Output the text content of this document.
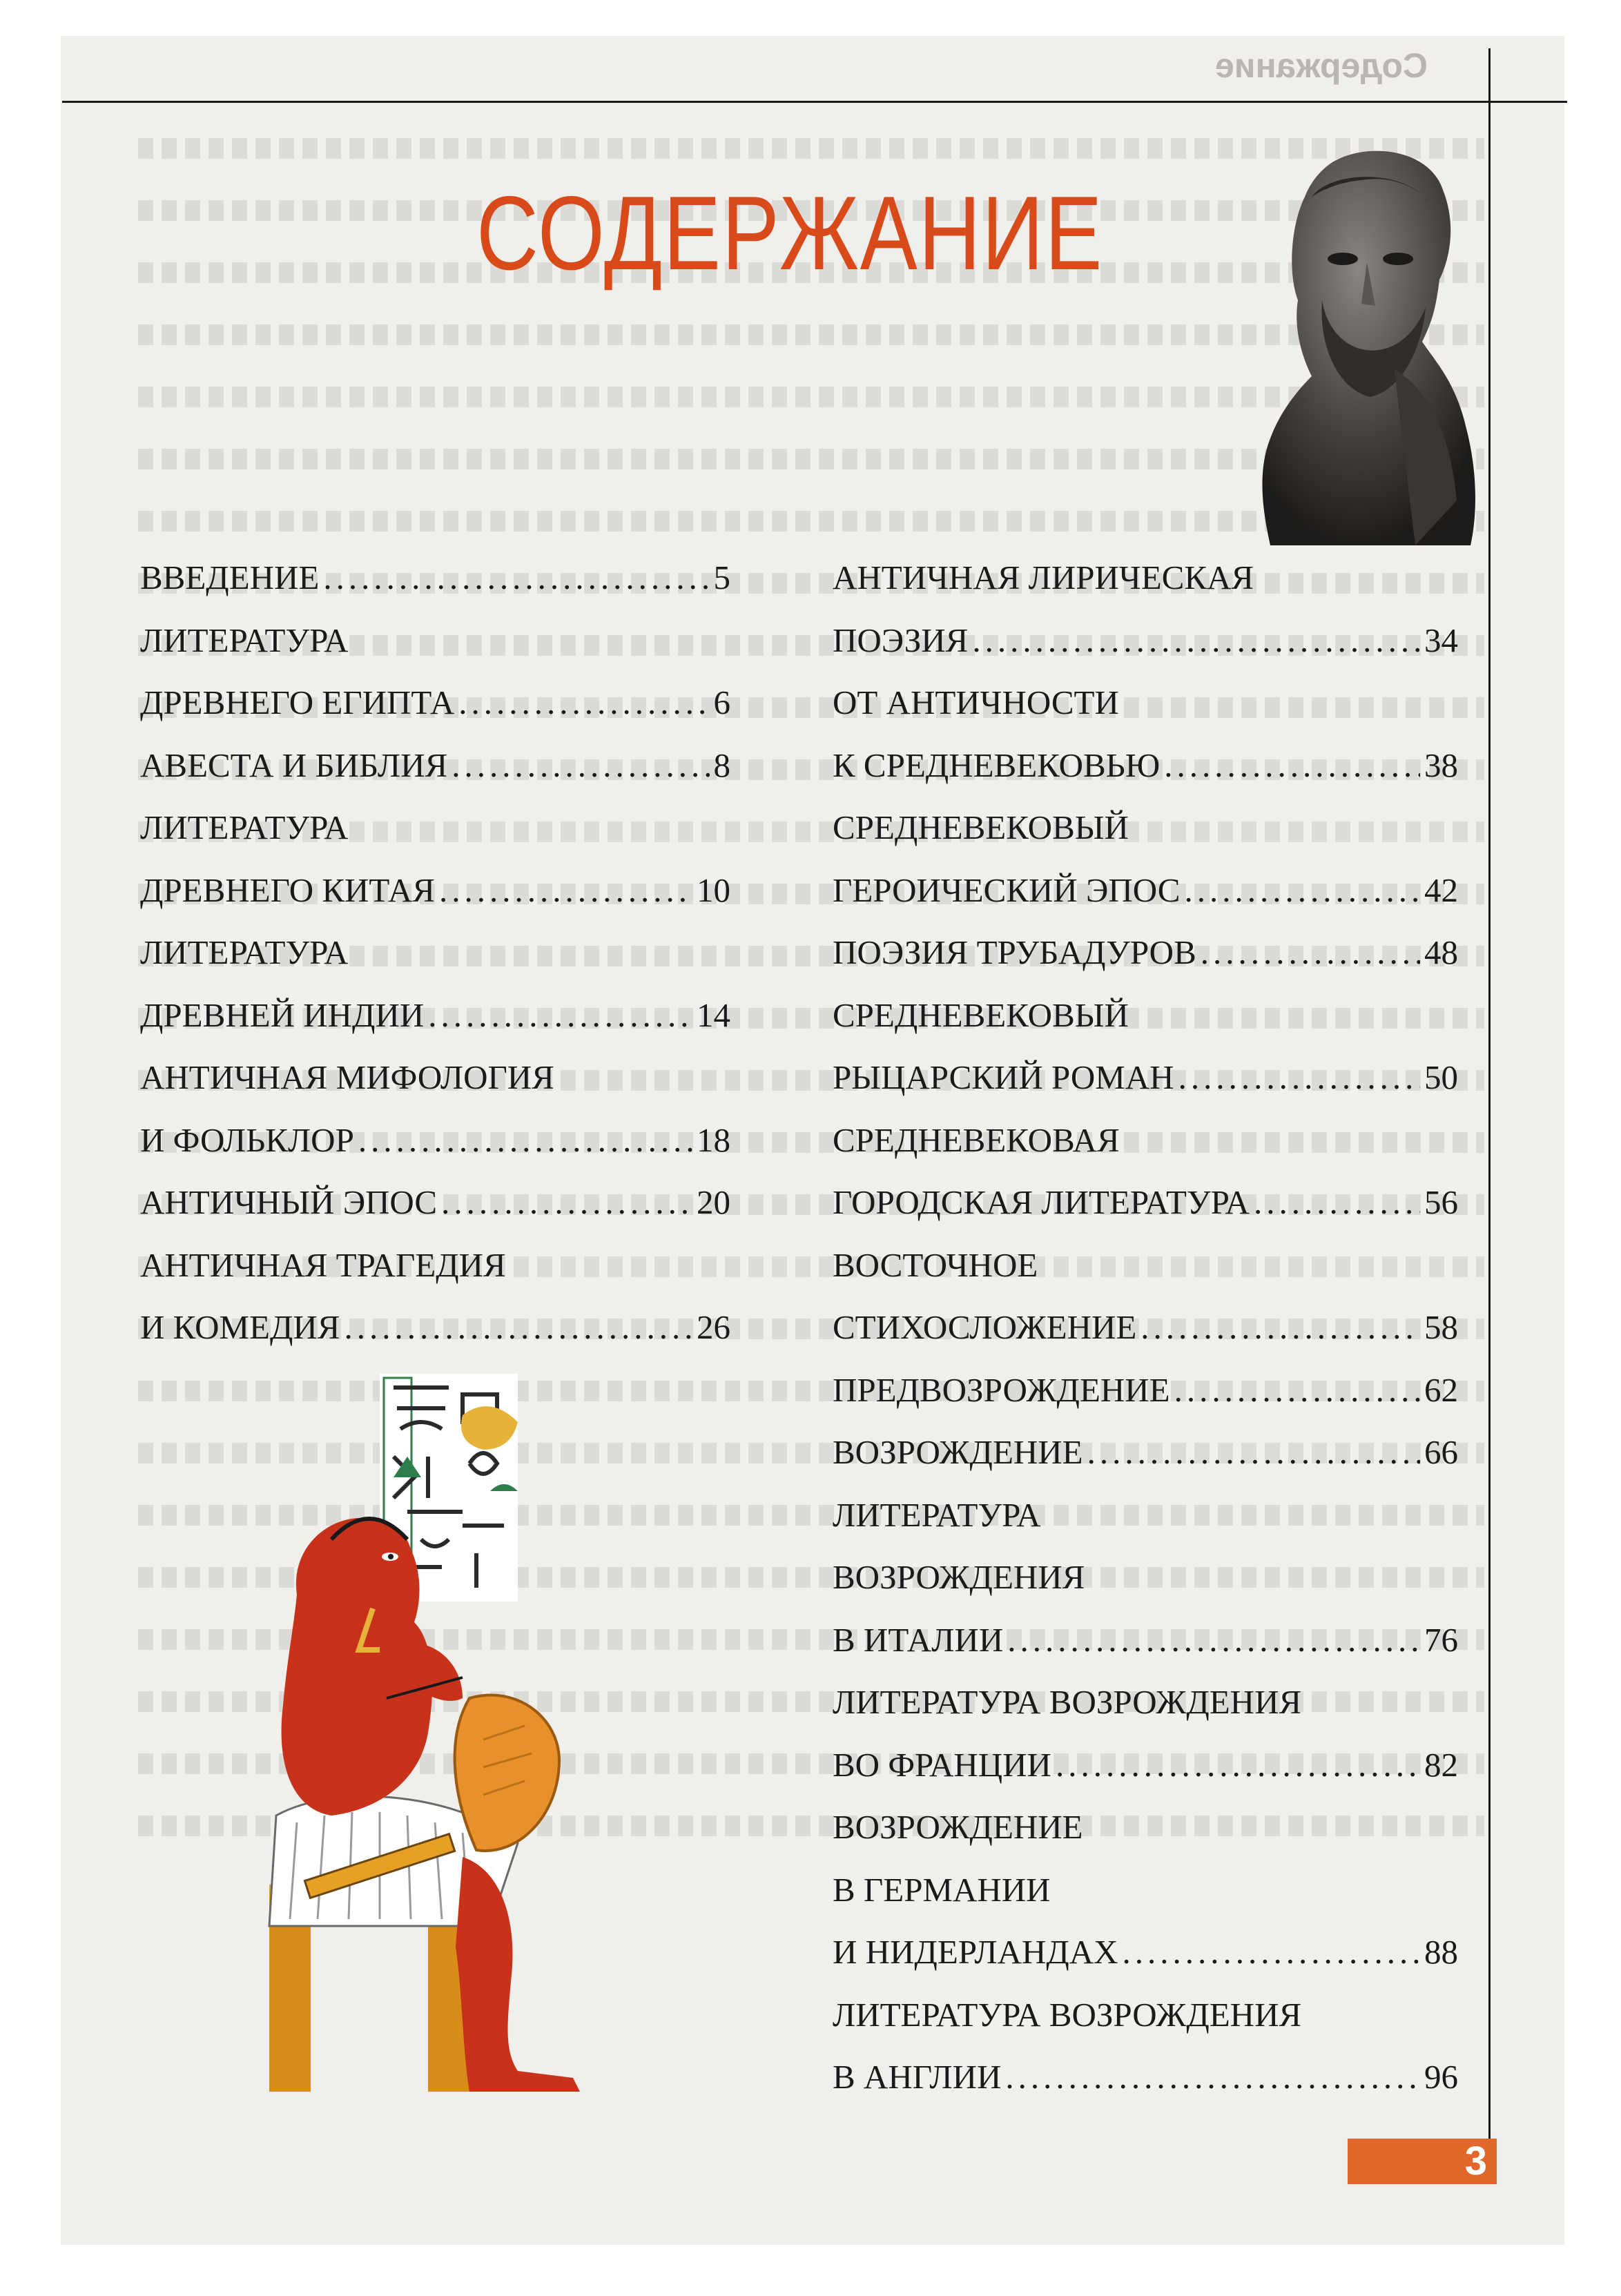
Содержание
СОДЕРЖАНИЕ
ВВЕДЕНИЕ .....	5
ЛИТЕРАТУРА
ДРЕВНЕГО ЕГИПТА .....	6
АВЕСТА И БИБЛИЯ .....	8
ЛИТЕРАТУРА
ДРЕВНЕГО КИТАЯ .....	10
ЛИТЕРАТУРА
ДРЕВНЕЙ ИНДИИ .....	14
АНТИЧНАЯ МИФОЛОГИЯ
И ФОЛЬКЛОР .....	18
АНТИЧНЫЙ ЭПОС .....	20
АНТИЧНАЯ ТРАГЕДИЯ
И КОМЕДИЯ .....	26
АНТИЧНАЯ ЛИРИЧЕСКАЯ
ПОЭЗИЯ .....	34
ОТ АНТИЧНОСТИ
К СРЕДНЕВЕКОВЬЮ .....	38
СРЕДНЕВЕКОВЫЙ
ГЕРОИЧЕСКИЙ ЭПОС .....	42
ПОЭЗИЯ ТРУБАДУРОВ .....	48
СРЕДНЕВЕКОВЫЙ
РЫЦАРСКИЙ РОМАН .....	50
СРЕДНЕВЕКОВАЯ
ГОРОДСКАЯ ЛИТЕРАТУРА .....	56
ВОСТОЧНОЕ
СТИХОСЛОЖЕНИЕ .....	58
ПРЕДВОЗРОЖДЕНИЕ .....	62
ВОЗРОЖДЕНИЕ .....	66
ЛИТЕРАТУРА
ВОЗРОЖДЕНИЯ
В ИТАЛИИ .....	76
ЛИТЕРАТУРА ВОЗРОЖДЕНИЯ
ВО ФРАНЦИИ .....	82
ВОЗРОЖДЕНИЕ
В ГЕРМАНИИ
И НИДЕРЛАНДАХ .....	88
ЛИТЕРАТУРА ВОЗРОЖДЕНИЯ
В АНГЛИИ .....	96
3
